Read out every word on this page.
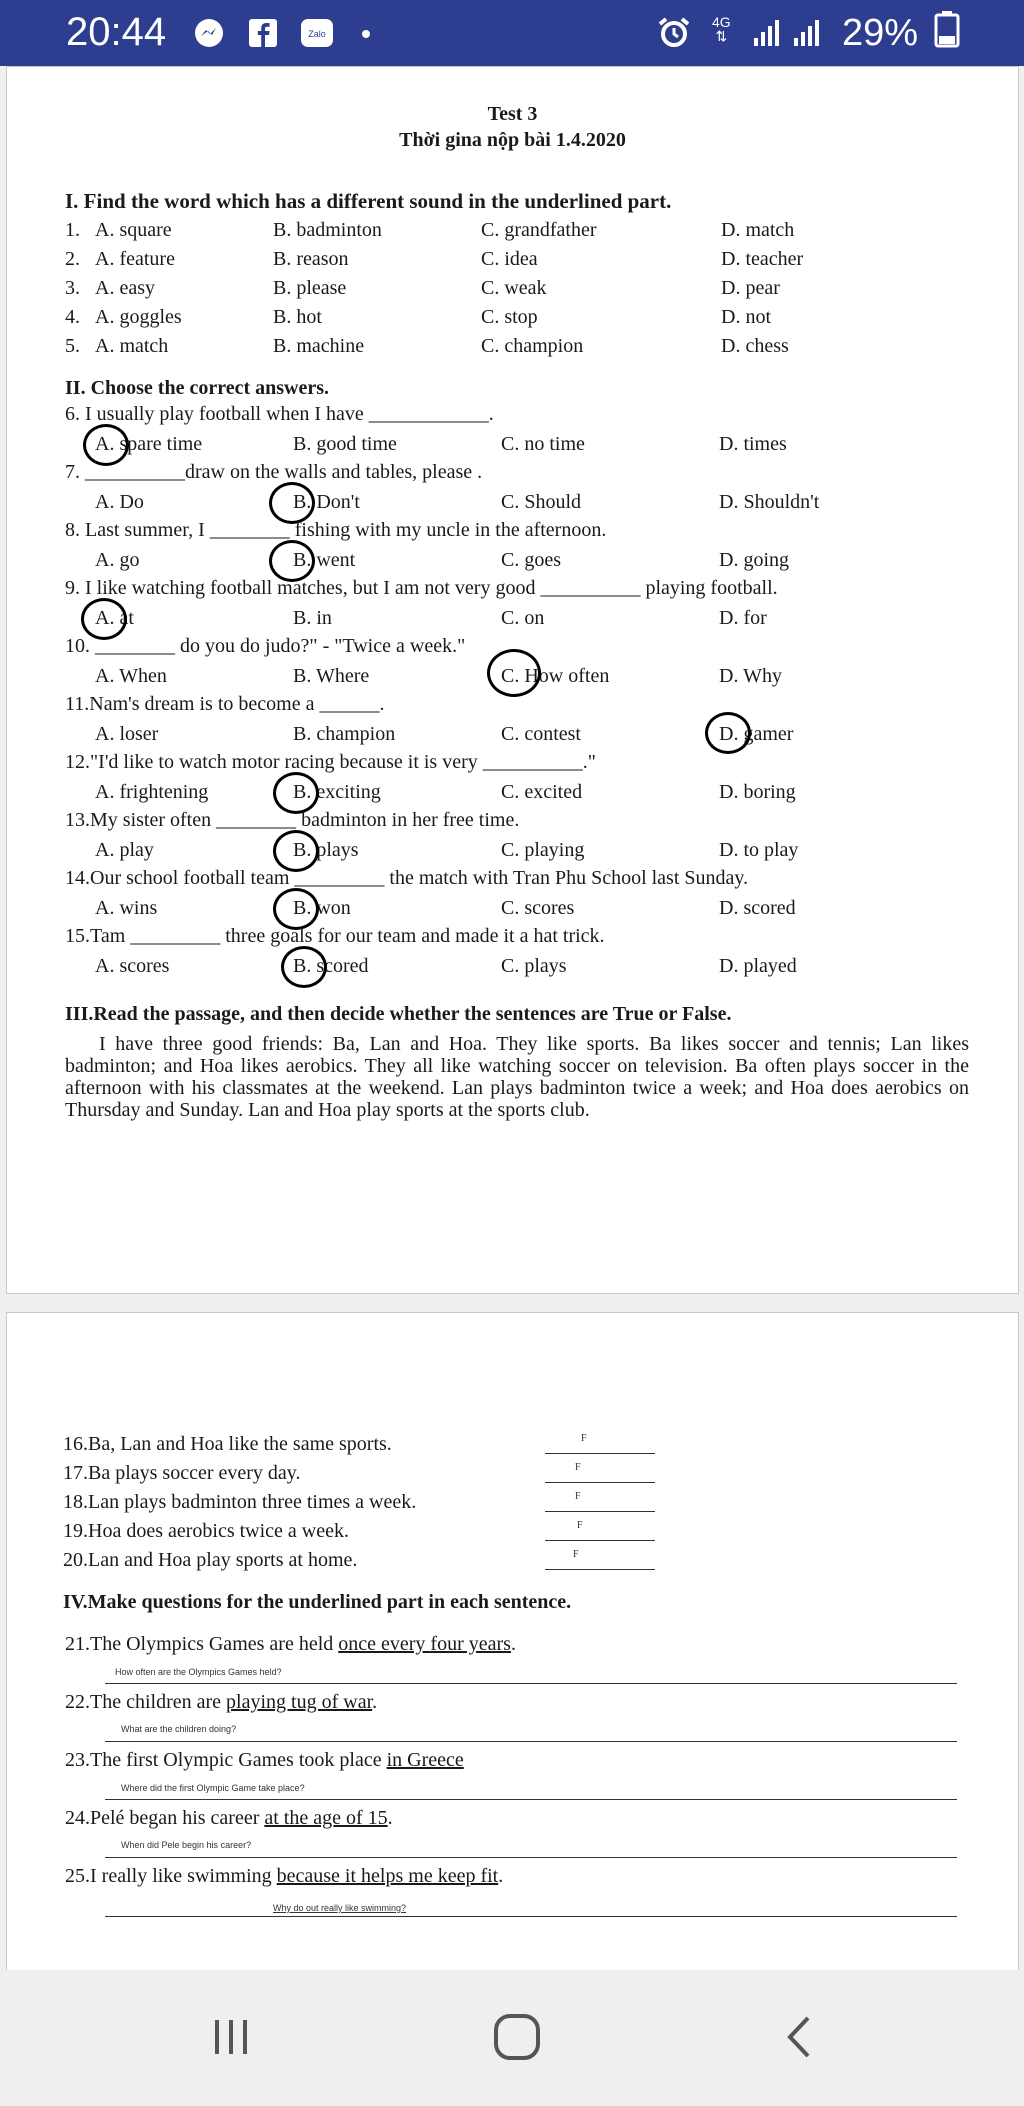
20:44	Zalo
4G
⇅	29%
Test 3
Thời gina nộp bài 1.4.2020
I. Find the word which has a different sound in the underlined part.
1. A. square	B. badminton	C. grandfather	D. match
2. A. feature	B. reason	C. idea	D. teacher
3. A. easy	B. please	C. weak	D. pear
4. A. goggles	B. hot	C. stop	D. not
5. A. match	B. machine	C. champion	D. chess
II. Choose the correct answers.
6. I usually play football when I have ____________.
A. spare time	B. good time	C. no time	D. times
7. __________draw on the walls and tables, please .
A. Do	B. Don't	C. Should	D. Shouldn't
8. Last summer, I ________ fishing with my uncle in the afternoon.
A. go	B. went	C. goes	D. going
9. I like watching football matches, but I am not very good __________ playing football.
A. at	B. in	C. on	D. for
10. ________ do you do judo?" - "Twice a week."
A. When	B. Where	C. How often	D. Why
11.Nam's dream is to become a ______.
A. loser	B. champion	C. contest	D. gamer
12."I'd like to watch motor racing because it is very __________."
A. frightening	B. exciting	C. excited	D. boring
13.My sister often ________ badminton in her free time.
A. play	B. plays	C. playing	D. to play
14.Our school football team _________ the match with Tran Phu School last Sunday.
A. wins	B. won	C. scores	D. scored
15.Tam _________ three goals for our team and made it a hat trick.
A. scores	B. scored	C. plays	D. played
III.Read the passage, and then decide whether the sentences are True or False.
I have three good friends: Ba, Lan and Hoa. They like sports. Ba likes soccer and tennis; Lan likes badminton; and Hoa likes aerobics. They all like watching soccer on television. Ba often plays soccer in the afternoon with his classmates at the weekend. Lan plays badminton twice a week; and Hoa does aerobics on Thursday and Sunday. Lan and Hoa play sports at the sports club.
16.Ba, Lan and Hoa like the same sports.	F
17.Ba plays soccer every day.	F
18.Lan plays badminton three times a week.	F
19.Hoa does aerobics twice a week.	F
20.Lan and Hoa play sports at home.	F
IV.Make questions for the underlined part in each sentence.
21.The Olympics Games are held once every four years.
How often are the Olympics Games held?
22.The children are playing tug of war.
What are the children doing?
23.The first Olympic Games took place in Greece
Where did the first Olympic Game take place?
24.Pelé began his career at the age of 15.
When did Pele begin his career?
25.I really like swimming because it helps me keep fit.
Why do out really like swimming?
